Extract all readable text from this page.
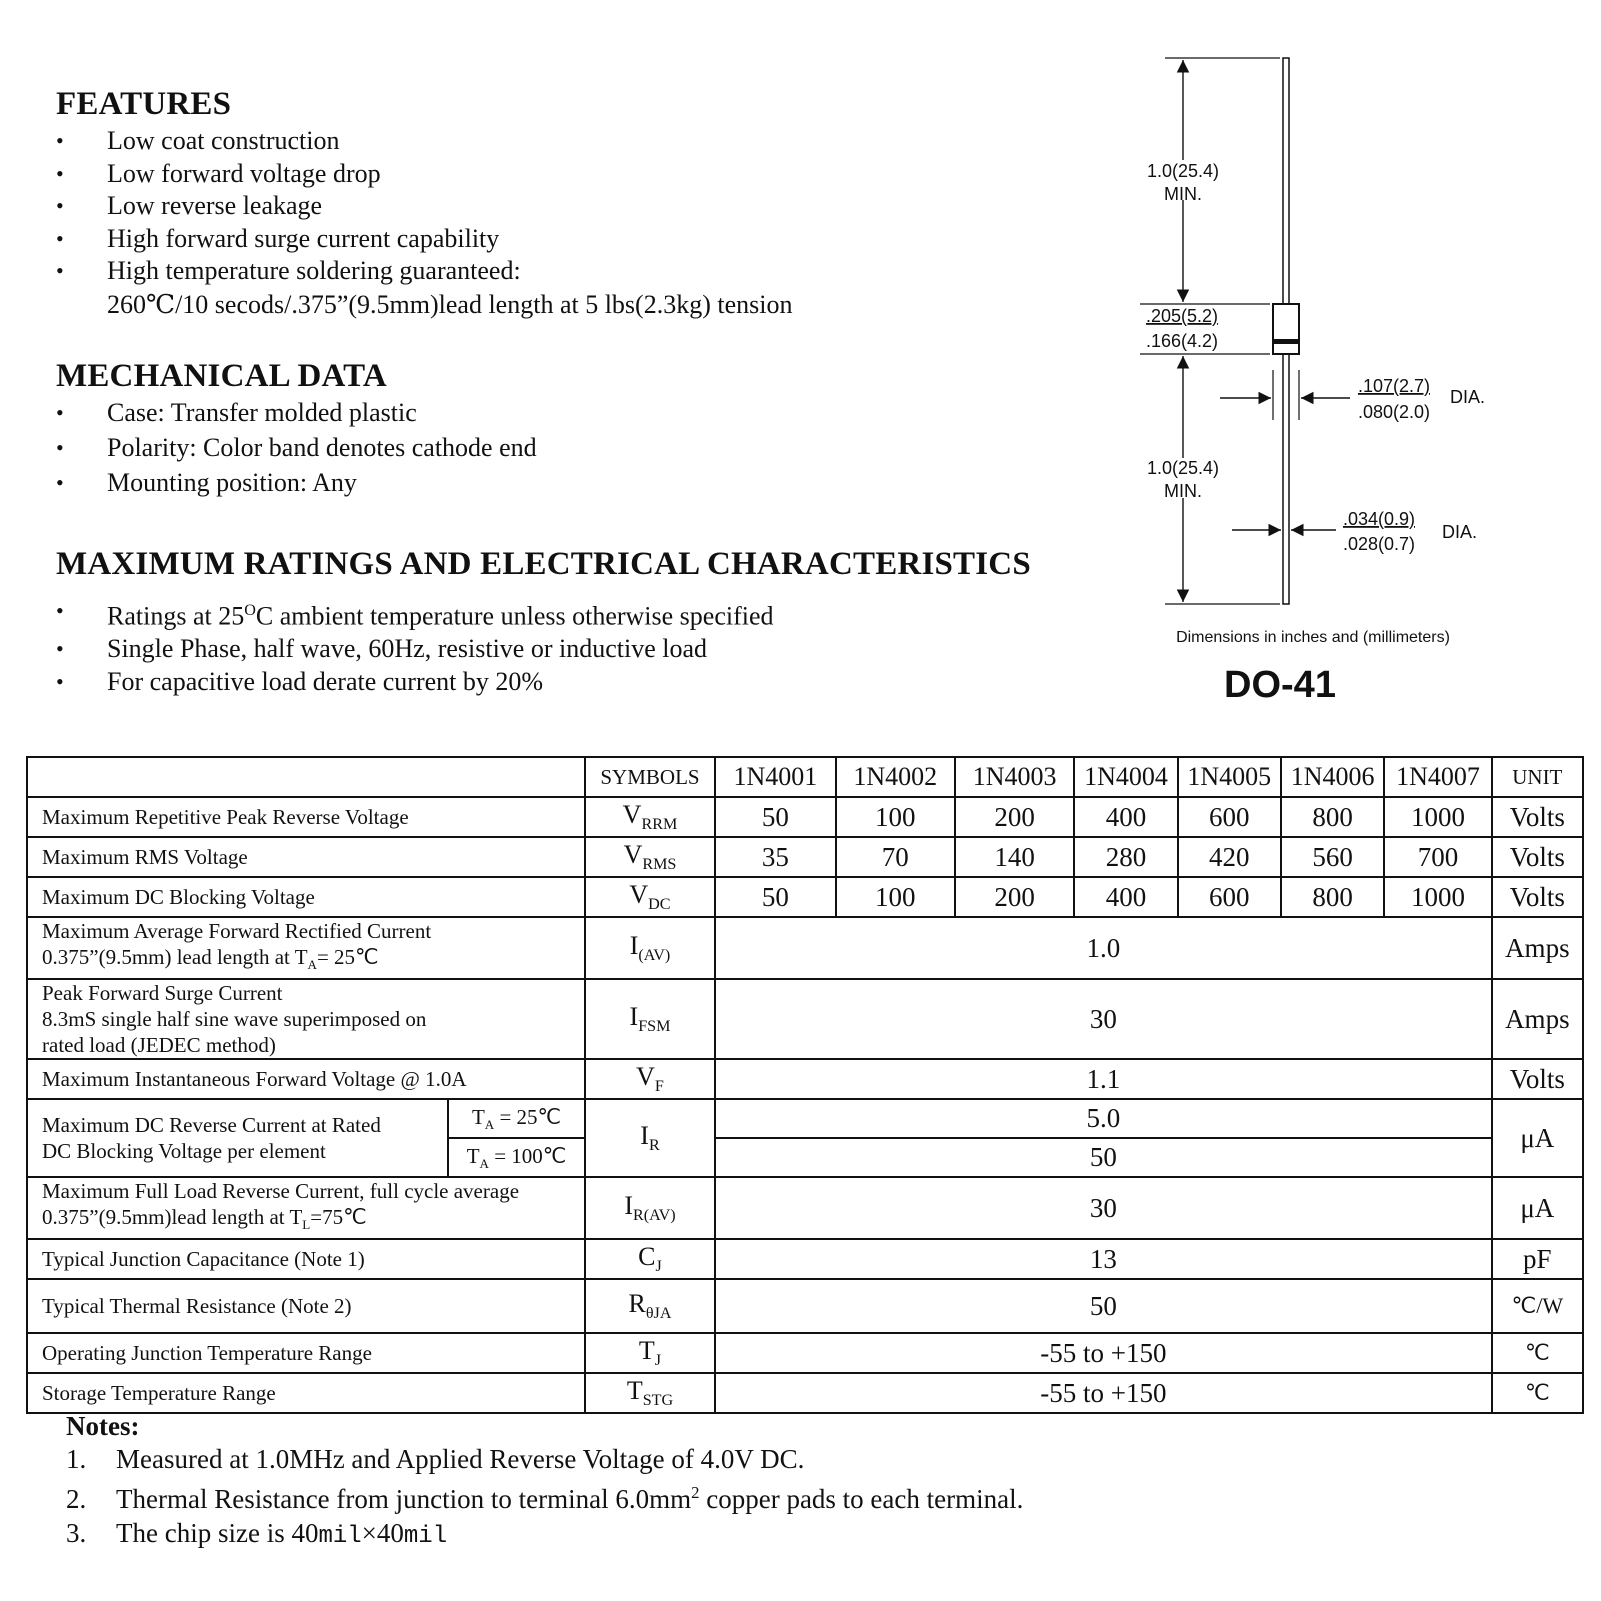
FEATURES
• Low coat construction
• Low forward voltage drop
• Low reverse leakage
• High forward surge current capability
• High temperature soldering guaranteed:
260℃/10 secods/.375”(9.5mm)lead length at 5 lbs(2.3kg) tension
MECHANICAL DATA
• Case: Transfer molded plastic
• Polarity: Color band denotes cathode end
• Mounting position: Any
MAXIMUM RATINGS AND ELECTRICAL CHARACTERISTICS
• Ratings at $25^OC$ ambient temperature unless otherwise specified
• Single Phase, half wave, 60Hz, resistive or inductive load
• For capacitive load derate current by 20%
1.0(25.4)
MIN.
.205(5.2)
.166(4.2)
.107(2.7)
.080(2.0)
DIA.
1.0(25.4)
MIN.
.034(0.9)
.028(0.7)
DIA.
Dimensions in inches and (millimeters)
DO-41
		SYMBOLS	1N4001	1N4002	1N4003	1N4004	1N4005	1N4006	1N4007	UNIT
Maximum Repetitive Peak Reverse Voltage		$V_{RRM}$	50	100	200	400	600	800	1000	Volts
Maximum RMS Voltage		$V_{RMS}$	35	70	140	280	420	560	700	Volts
Maximum DC Blocking Voltage		$V_{DC}$	50	100	200	400	600	800	1000	Volts

Maximum Average Forward Rectified Current
0.375”(9.5mm) lead length at $T_A=$ 25℃		$I_{(AV)}$	1.0							Amps

Peak Forward Surge Current
8.3mS single half sine wave superimposed on
rated load (JEDEC method)		$I_{FSM}$	30							Amps
Maximum Instantaneous Forward Voltage @ 1.0A		$V_F$	1.1							Volts

Maximum DC Reverse Current at Rated
DC Blocking Voltage per element	$T_A$ = 25℃	$I_R$	5.0							μA
	$T_A$ = 100℃		50							

Maximum Full Load Reverse Current, full cycle average
0.375”(9.5mm)lead length at $T_L=75℃$		$I_{R(AV)}$	30							μA
Typical Junction Capacitance (Note 1)		$C_J$	13							pF
Typical Thermal Resistance (Note 2)		$R_{\theta JA}$	50							℃/W
Operating Junction Temperature Range		$T_J$	-55 to +150							℃
Storage Temperature Range		$T_{STG}$	-55 to +150							℃
Notes:
1. Measured at 1.0MHz and Applied Reverse Voltage of 4.0V DC.
2. Thermal Resistance from junction to terminal $6.0mm^2$ copper pads to each terminal.
3. The chip size is 40mil×40mil
